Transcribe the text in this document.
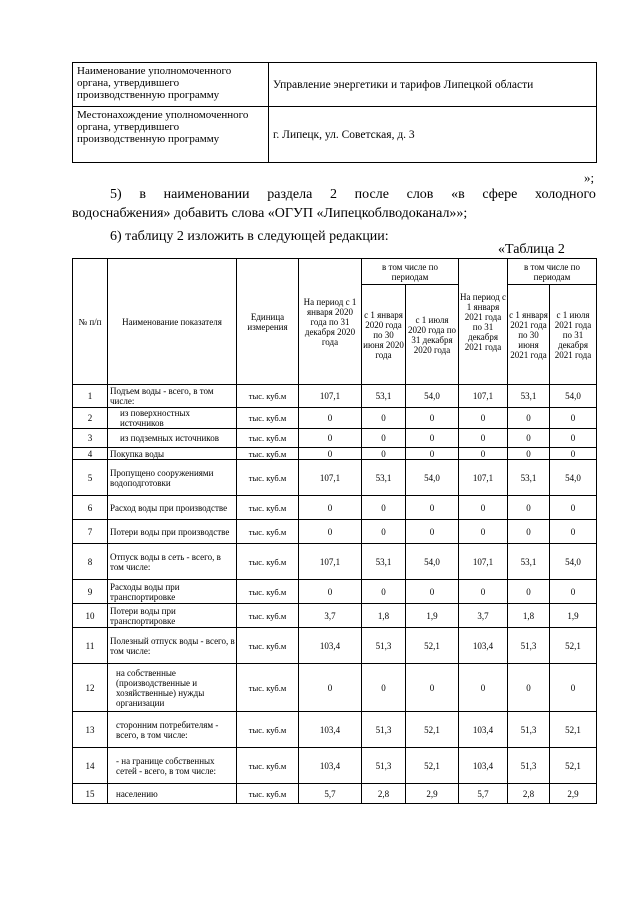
Наименование уполномоченного органа, утвердившего производственную программу	Управление энергетики и тарифов Липецкой области
Местонахождение уполномоченного органа, утвердившего производственную программу	г. Липецк, ул. Советская, д. 3

»;

5) в наименовании раздела 2 после слов «в сфере холодного

водоснабжения» добавить слова «ОГУП «Липецкоблводоканал»»;

6) таблицу 2 изложить в следующей редакции:

«Таблица 2

№ п/п	Наименование показателя	Единица измерения	На период с 1 января 2020 года по 31 декабря 2020 года	в том числе по периодам		На период с 1 января 2021 года по 31 декабря 2021 года	в том числе по периодам	
				с 1 января 2020 года по 30 июня 2020 года	с 1 июля 2020 года по 31 декабря 2020 года		с 1 января 2021 года по 30 июня 2021 года	с 1 июля 2021 года по 31 декабря 2021 года
1	Подъем воды - всего, в том числе:	тыс. куб.м	107,1	53,1	54,0	107,1	53,1	54,0
2	из поверхностных источников	тыс. куб.м	0	0	0	0	0	0
3	из подземных источников	тыс. куб.м	0	0	0	0	0	0
4	Покупка воды	тыс. куб.м	0	0	0	0	0	0
5	Пропущено сооружениями водоподготовки	тыс. куб.м	107,1	53,1	54,0	107,1	53,1	54,0
6	Расход воды при производстве	тыс. куб.м	0	0	0	0	0	0
7	Потери воды при производстве	тыс. куб.м	0	0	0	0	0	0
8	Отпуск воды в сеть - всего, в том числе:	тыс. куб.м	107,1	53,1	54,0	107,1	53,1	54,0
9	Расходы воды при транспортировке	тыс. куб.м	0	0	0	0	0	0
10	Потери воды при транспортировке	тыс. куб.м	3,7	1,8	1,9	3,7	1,8	1,9
11	Полезный отпуск воды - всего, в том числе:	тыс. куб.м	103,4	51,3	52,1	103,4	51,3	52,1
12	на собственные (производственные и хозяйственные) нужды организации	тыс. куб.м	0	0	0	0	0	0
13	сторонним потребителям - всего, в том числе:	тыс. куб.м	103,4	51,3	52,1	103,4	51,3	52,1
14	- на границе собственных сетей - всего, в том числе:	тыс. куб.м	103,4	51,3	52,1	103,4	51,3	52,1
15	населению	тыс. куб.м	5,7	2,8	2,9	5,7	2,8	2,9
